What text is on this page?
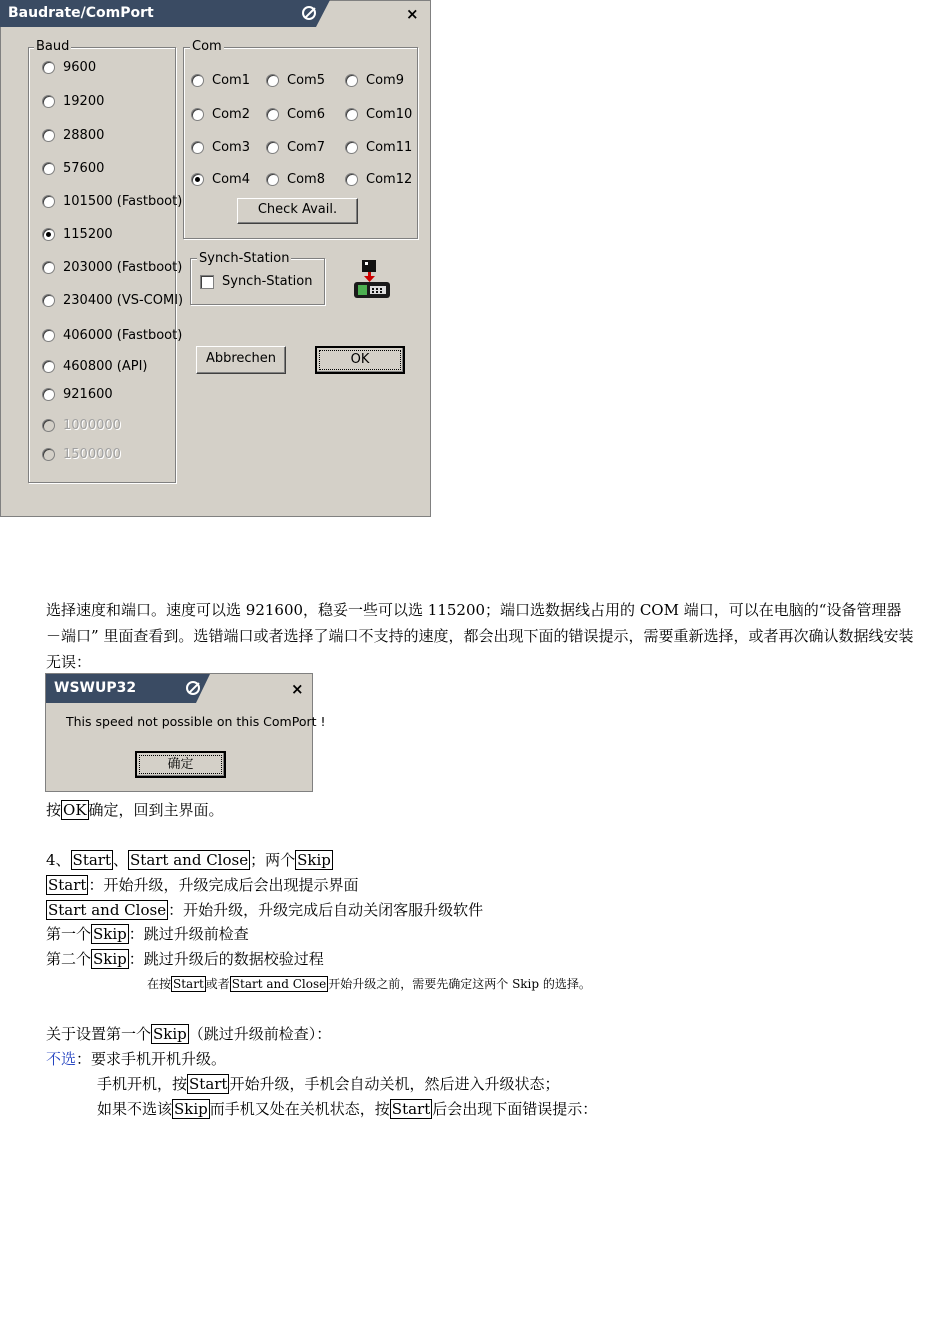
Baudrate/ComPort	×
Baud	Com
Check Avail.
Synch-Station
Synch-Station
Abbrechen	OK
9600
19200
28800
57600
101500 (Fastboot)
115200
203000 (Fastboot)
230400 (VS-COMI)
406000 (Fastboot)
460800 (API)
921600
1000000
1500000
Com1	Com5	Com9
Com2	Com6	Com10
Com3	Com7	Com11
Com4	Com8	Com12
选择速度和端口。速度可以选 921600，稳妥一些可以选 115200；端口选数据线占用的 COM 端口，可以在电脑的“设备管理器－端口” 里面查看到。选错端口或者选择了端口不支持的速度，都会出现下面的错误提示，需要重新选择，或者再次确认数据线安装无误：
WSWUP32	×
This speed not possible on this ComPort !
确定
按 OK 确定，回到主界面。
4、 Start 、 Start and Close ；两个 Skip
Start ：开始升级，升级完成后会出现提示界面
Start and Close ：开始升级，升级完成后自动关闭客服升级软件
第一个 Skip ：跳过升级前检查
第二个 Skip ：跳过升级后的数据校验过程
在按 Start 或者 Start and Close 开始升级之前，需要先确定这两个 Skip 的选择。
关于设置第一个 Skip （跳过升级前检查）：
不选：要求手机开机升级。
手机开机，按 Start 开始升级，手机会自动关机，然后进入升级状态；
如果不选该 Skip 而手机又处在关机状态，按 Start 后会出现下面错误提示：
